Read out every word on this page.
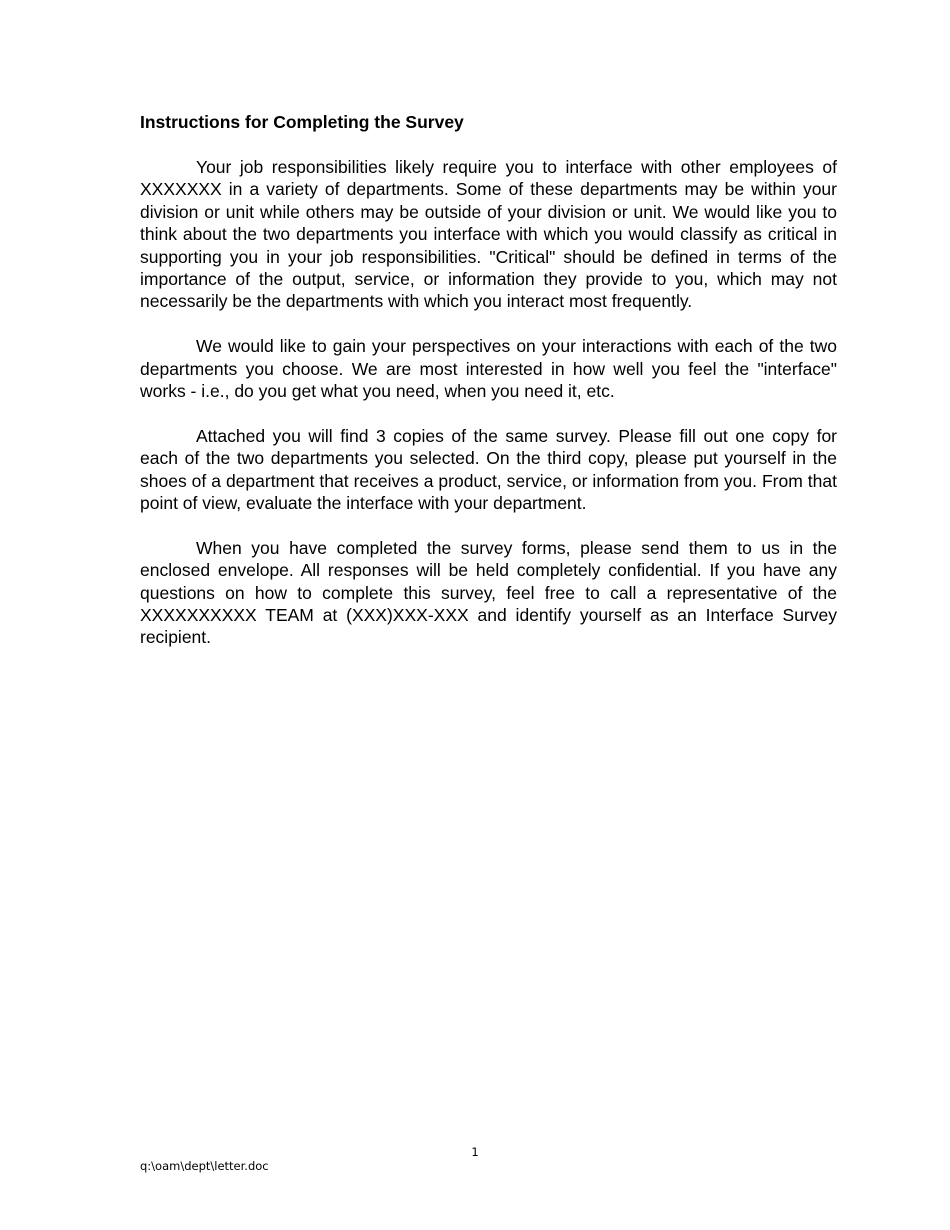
Instructions for Completing the Survey

Your job responsibilities likely require you to interface with other employees of XXXXXXX in a variety of departments. Some of these departments may be within your division or unit while others may be outside of your division or unit. We would like you to think about the two departments you interface with which you would classify as critical in supporting you in your job responsibilities. "Critical" should be defined in terms of the importance of the output, service, or information they provide to you, which may not necessarily be the departments with which you interact most frequently.

We would like to gain your perspectives on your interactions with each of the two departments you choose. We are most interested in how well you feel the "interface" works - i.e., do you get what you need, when you need it, etc.

Attached you will find 3 copies of the same survey. Please fill out one copy for each of the two departments you selected. On the third copy, please put yourself in the shoes of a department that receives a product, service, or information from you. From that point of view, evaluate the interface with your department.

When you have completed the survey forms, please send them to us in the enclosed envelope. All responses will be held completely confidential. If you have any questions on how to complete this survey, feel free to call a representative of the XXXXXXXXXX TEAM at (XXX)XXX-XXX and identify yourself as an Interface Survey recipient.

1
q:\oam\dept\letter.doc
